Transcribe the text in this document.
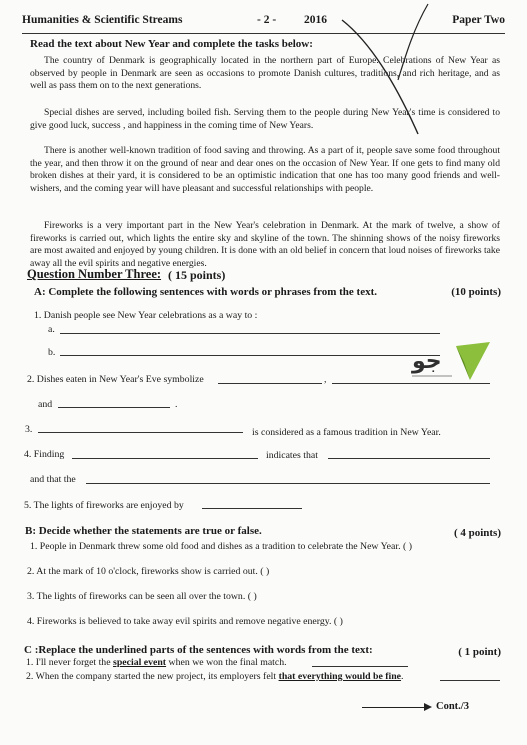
Humanities & Scientific Streams	- 2 - 2016	Paper Two
Read the text about New Year and complete the tasks below:

The country of Denmark is geographically located in the northern part of Europe. Celebrations of New Year as observed by people in Denmark are seen as occasions to promote Danish cultures, traditions, and rich heritage, and as well as pass them on to the next generations.

Special dishes are served, including boiled fish. Serving them to the people during New Year's time is considered to give good luck, success , and happiness in the coming time of New Years.

There is another well-known tradition of food saving and throwing. As a part of it, people save some food throughout the year, and then throw it on the ground of near and dear ones on the occasion of New Year. If one gets to find many old broken dishes at their yard, it is considered to be an optimistic indication that one has too many good friends and well-wishers, and the coming year will have pleasant and successful relationships with people.

Fireworks is a very important part in the New Year's celebration in Denmark. At the mark of twelve, a show of fireworks is carried out, which lights the entire sky and skyline of the town. The shinning shows of the noisy fireworks are most awaited and enjoyed by young children. It is done with an old belief in concern that loud noises of fireworks take away all the evil spirits and negative energies.

Question Number Three: ( 15 points)
A: Complete the following sentences with words or phrases from the text.	(10 points)
1. Danish people see New Year celebrations as a way to :
a.
b.
2. Dishes eaten in New Year's Eve symbolize	,
and	.
3.	is considered as a famous tradition in New Year.
4. Finding	indicates that
and that the
5. The lights of fireworks are enjoyed by
B: Decide whether the statements are true or false.	( 4 points)
1. People in Denmark threw some old food and dishes as a tradition to celebrate the New Year. ( )
2. At the mark of 10 o'clock, fireworks show is carried out. ( )
3. The lights of fireworks can be seen all over the town. ( )
4. Fireworks is believed to take away evil spirits and remove negative energy. ( )
C :Replace the underlined parts of the sentences with words from the text:	( 1 point)
1. I'll never forget the special event when we won the final match.
2. When the company started the new project, its employers felt that everything would be fine.
Cont./3
جو
